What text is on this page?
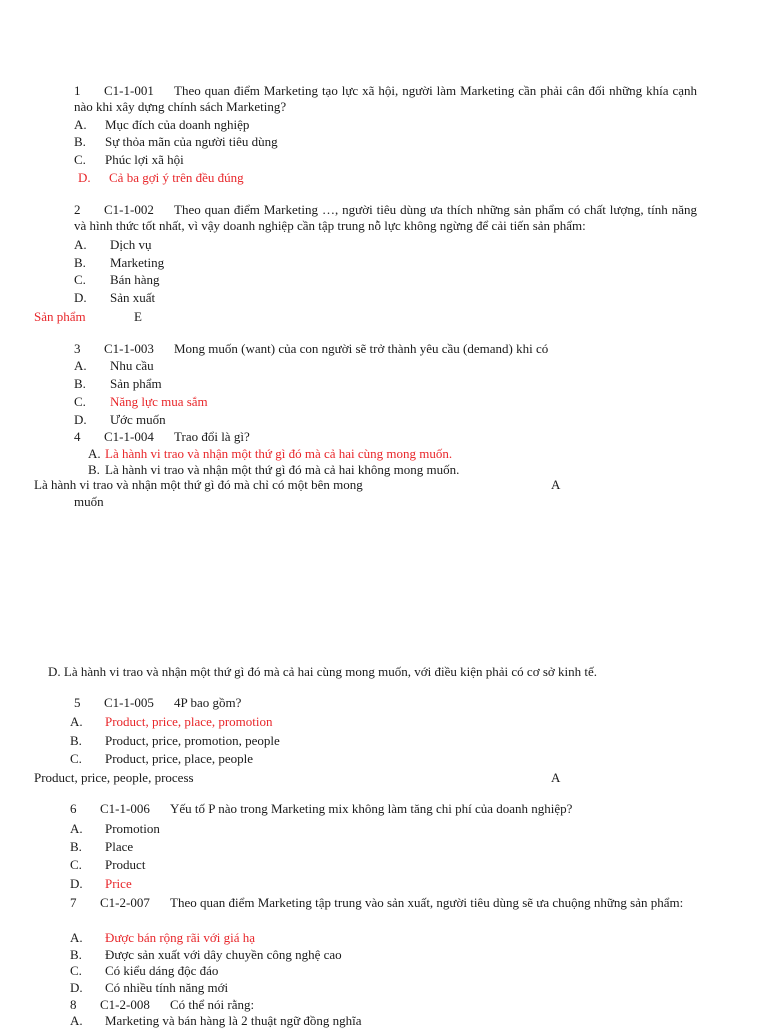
1 C1-1-001 Theo quan điểm Marketing tạo lực xã hội, người làm Marketing cần phải cân đối những khía cạnh nào khi xây dựng chính sách Marketing?
A. Mục đích của doanh nghiệp
B. Sự thỏa mãn của người tiêu dùng
C. Phúc lợi xã hội
D. Cả ba gợi ý trên đều đúng
2 C1-1-002 Theo quan điểm Marketing …, người tiêu dùng ưa thích những sản phẩm có chất lượng, tính năng và hình thức tốt nhất, vì vậy doanh nghiệp cần tập trung nỗ lực không ngừng để cải tiến sản phẩm:
A. Dịch vụ
B. Marketing
C. Bán hàng
D. Sản xuất
Sản phẩm	E
3 C1-1-003 Mong muốn (want) của con người sẽ trở thành yêu cầu (demand) khi có
A. Nhu cầu
B. Sản phẩm
C. Năng lực mua sắm
D. Ước muốn
4 C1-1-004 Trao đổi là gì?
A. Là hành vi trao và nhận một thứ gì đó mà cả hai cùng mong muốn.
B. Là hành vi trao và nhận một thứ gì đó mà cả hai không mong muốn.
Là hành vi trao và nhận một thứ gì đó mà chỉ có một bên mong	A
muốn
D. Là hành vi trao và nhận một thứ gì đó mà cả hai cùng mong muốn, với điều kiện phải có cơ sở kinh tế.
5 C1-1-005 4P bao gồm?
A. Product, price, place, promotion
B. Product, price, promotion, people
C. Product, price, place, people
Product, price, people, process	A
6 C1-1-006 Yếu tố P nào trong Marketing mix không làm tăng chi phí của doanh nghiệp?
A. Promotion
B. Place
C. Product
D. Price
7 C1-2-007 Theo quan điểm Marketing tập trung vào sản xuất, người tiêu dùng sẽ ưa chuộng những sản phẩm:
A. Được bán rộng rãi với giá hạ
B. Được sản xuất với dây chuyền công nghệ cao
C. Có kiểu dáng độc đáo
D. Có nhiều tính năng mới
8 C1-2-008 Có thể nói rằng:
A. Marketing và bán hàng là 2 thuật ngữ đồng nghĩa
